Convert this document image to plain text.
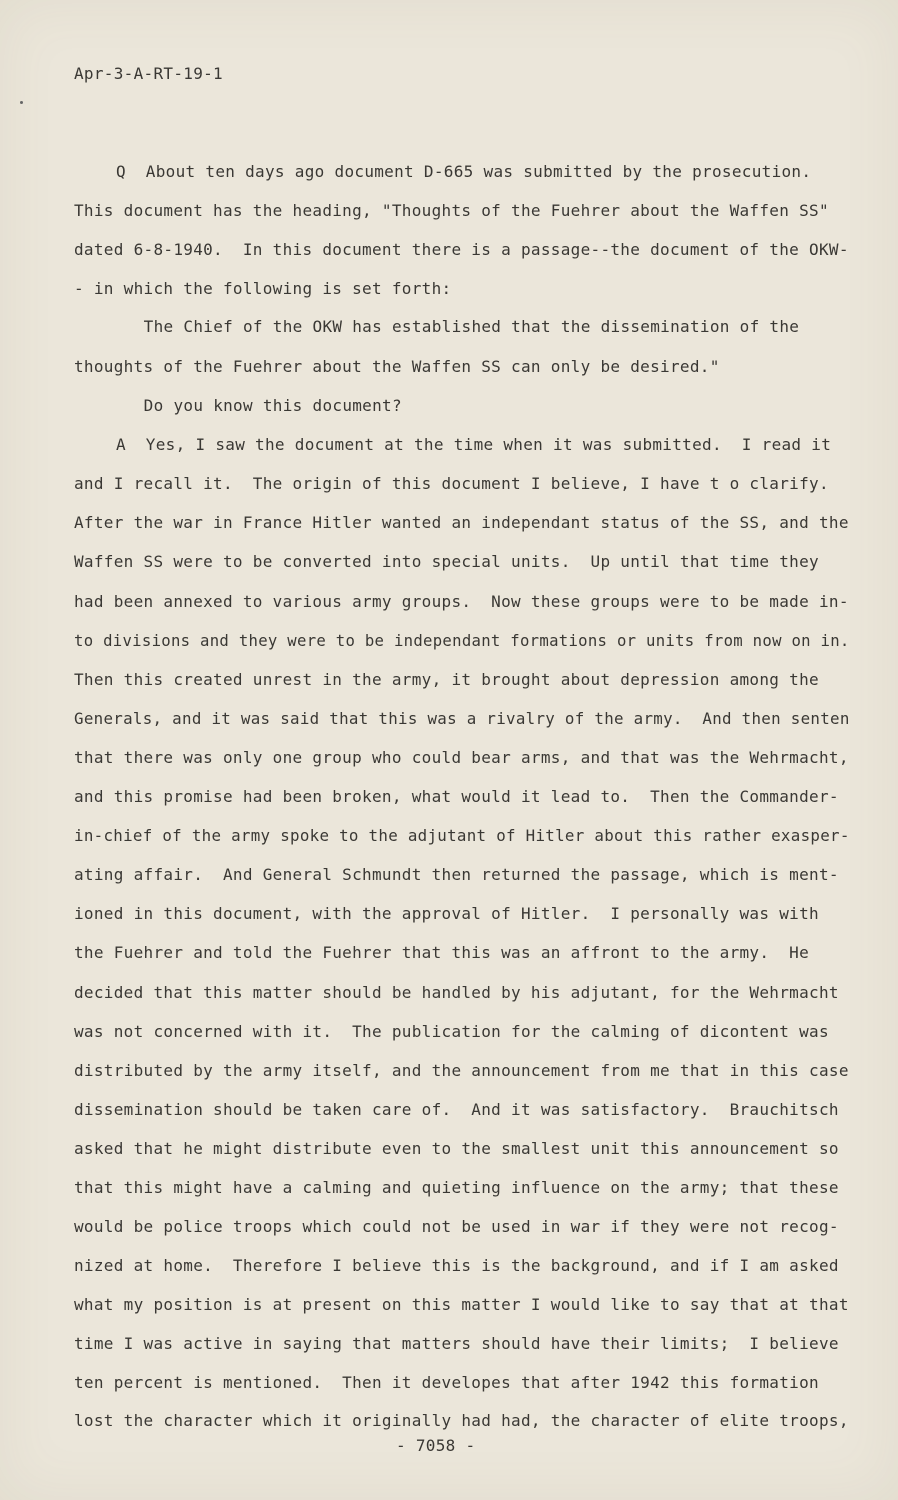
Apr-3-A-RT-19-1
Q  About ten days ago document D-665 was submitted by the prosecution.
This document has the heading, "Thoughts of the Fuehrer about the Waffen SS"
dated 6-8-1940.  In this document there is a passage--the document of the OKW-
- in which the following is set forth:
The Chief of the OKW has established that the dissemination of the
thoughts of the Fuehrer about the Waffen SS can only be desired."
Do you know this document?
A  Yes, I saw the document at the time when it was submitted.  I read it
and I recall it.  The origin of this document I believe, I have t o clarify.
After the war in France Hitler wanted an independant status of the SS, and the
Waffen SS were to be converted into special units.  Up until that time they
had been annexed to various army groups.  Now these groups were to be made in-
to divisions and they were to be independant formations or units from now on in.
Then this created unrest in the army, it brought about depression among the
Generals, and it was said that this was a rivalry of the army.  And then senten
that there was only one group who could bear arms, and that was the Wehrmacht,
and this promise had been broken, what would it lead to.  Then the Commander-
in-chief of the army spoke to the adjutant of Hitler about this rather exasper-
ating affair.  And General Schmundt then returned the passage, which is ment-
ioned in this document, with the approval of Hitler.  I personally was with
the Fuehrer and told the Fuehrer that this was an affront to the army.  He
decided that this matter should be handled by his adjutant, for the Wehrmacht
was not concerned with it.  The publication for the calming of dicontent was
distributed by the army itself, and the announcement from me that in this case
dissemination should be taken care of.  And it was satisfactory.  Brauchitsch
asked that he might distribute even to the smallest unit this announcement so
that this might have a calming and quieting influence on the army; that these
would be police troops which could not be used in war if they were not recog-
nized at home.  Therefore I believe this is the background, and if I am asked
what my position is at present on this matter I would like to say that at that
time I was active in saying that matters should have their limits;  I believe
ten percent is mentioned.  Then it developes that after 1942 this formation
lost the character which it originally had had, the character of elite troops,
- 7058 -
